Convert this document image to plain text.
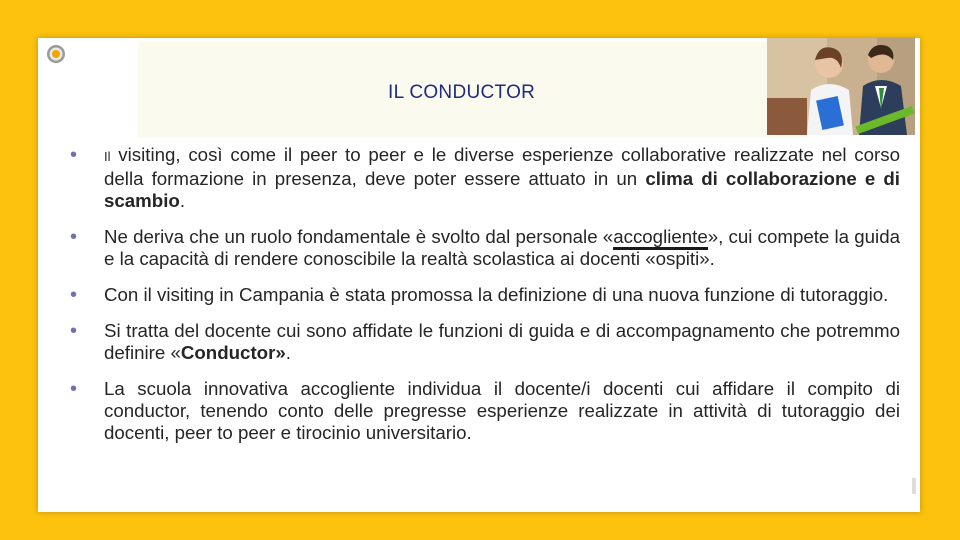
IL CONDUCTOR
• Il visiting, così come il peer to peer e le diverse esperienze collaborative realizzate nel corso della formazione in presenza, deve poter essere attuato in un clima di collaborazione e di scambio.
• Ne deriva che un ruolo fondamentale è svolto dal personale «accogliente», cui compete la guida e la capacità di rendere conoscibile la realtà scolastica ai docenti «ospiti».
• Con il visiting in Campania è stata promossa la definizione di una nuova funzione di tutoraggio.
• Si tratta del docente cui sono affidate le funzioni di guida e di accompagnamento che potremmo definire «Conductor».
• La scuola innovativa accogliente individua il docente/i docenti cui affidare il compito di conductor, tenendo conto delle pregresse esperienze realizzate in attività di tutoraggio dei docenti, peer to peer e tirocinio universitario.
